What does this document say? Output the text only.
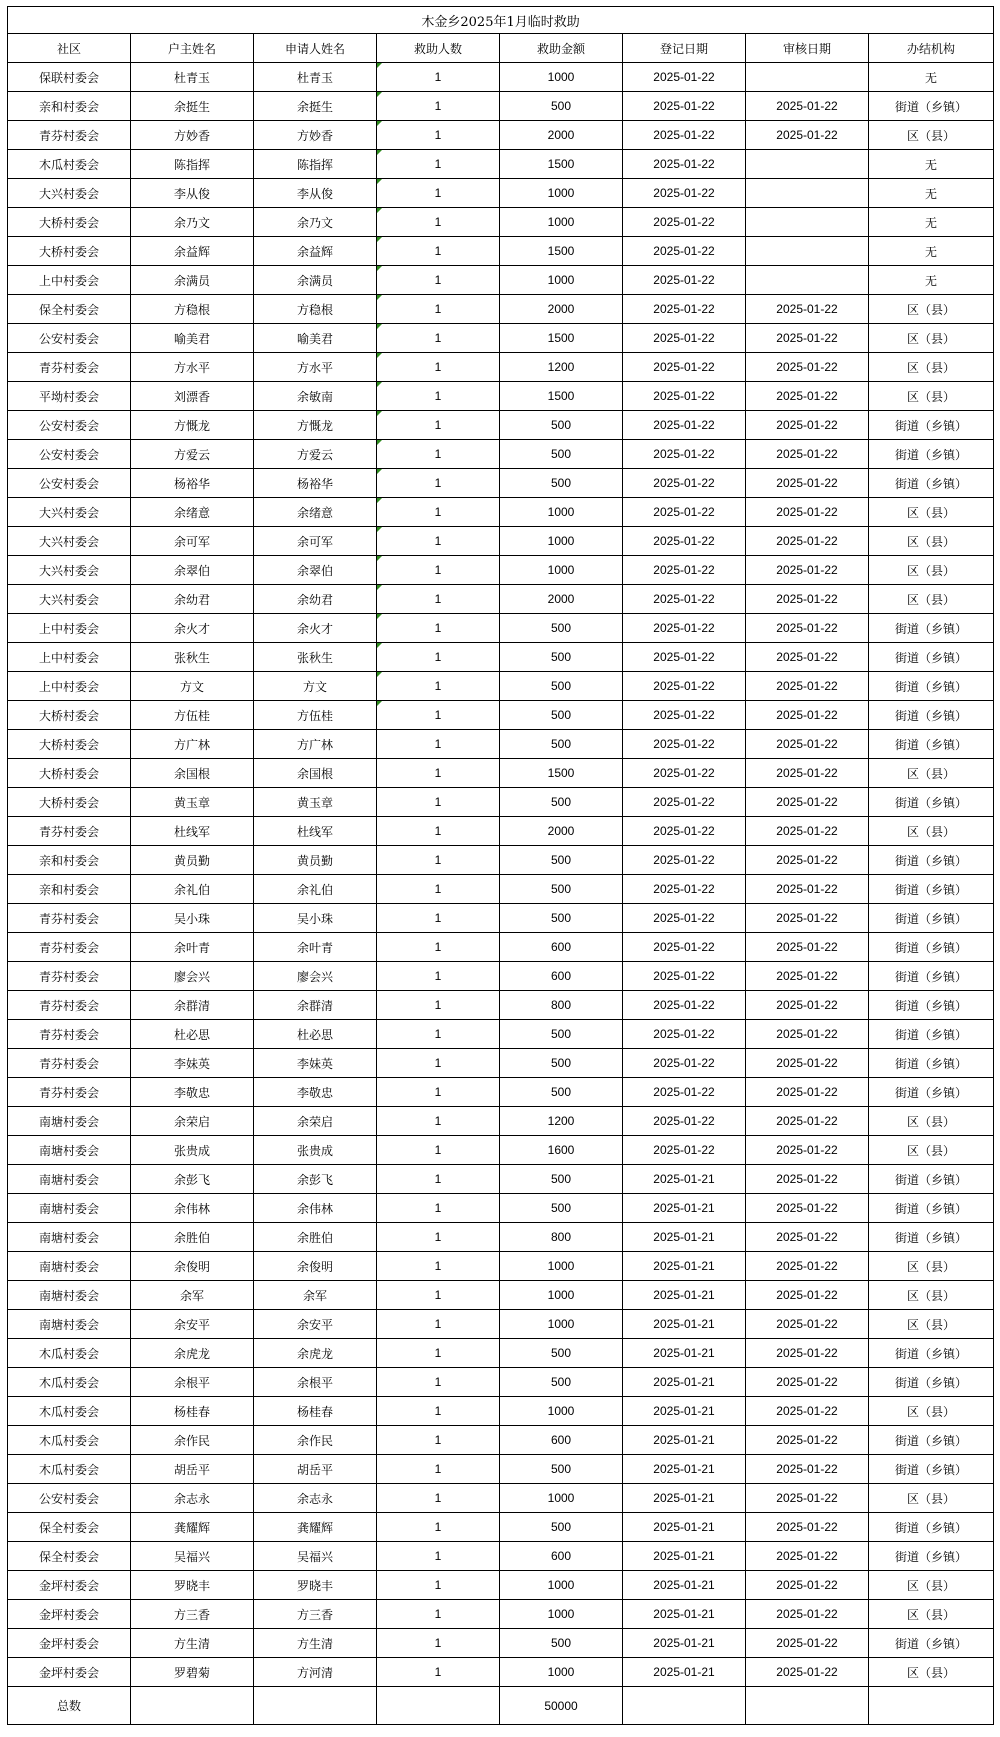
木金乡2025年1月临时救助							
社区	户主姓名	申请人姓名	救助人数	救助金额	登记日期	审核日期	办结机构
保联村委会	杜青玉	杜青玉	1	1000	2025-01-22		无
亲和村委会	余挺生	余挺生	1	500	2025-01-22	2025-01-22	街道（乡镇）
青芬村委会	方妙香	方妙香	1	2000	2025-01-22	2025-01-22	区（县）
木瓜村委会	陈指挥	陈指挥	1	1500	2025-01-22		无
大兴村委会	李从俊	李从俊	1	1000	2025-01-22		无
大桥村委会	余乃文	余乃文	1	1000	2025-01-22		无
大桥村委会	余益辉	余益辉	1	1500	2025-01-22		无
上中村委会	余满员	余满员	1	1000	2025-01-22		无
保全村委会	方稳根	方稳根	1	2000	2025-01-22	2025-01-22	区（县）
公安村委会	喻美君	喻美君	1	1500	2025-01-22	2025-01-22	区（县）
青芬村委会	方水平	方水平	1	1200	2025-01-22	2025-01-22	区（县）
平坳村委会	刘漂香	余敏南	1	1500	2025-01-22	2025-01-22	区（县）
公安村委会	方慨龙	方慨龙	1	500	2025-01-22	2025-01-22	街道（乡镇）
公安村委会	方爱云	方爱云	1	500	2025-01-22	2025-01-22	街道（乡镇）
公安村委会	杨裕华	杨裕华	1	500	2025-01-22	2025-01-22	街道（乡镇）
大兴村委会	余绪意	余绪意	1	1000	2025-01-22	2025-01-22	区（县）
大兴村委会	余可军	余可军	1	1000	2025-01-22	2025-01-22	区（县）
大兴村委会	余翠伯	余翠伯	1	1000	2025-01-22	2025-01-22	区（县）
大兴村委会	余幼君	余幼君	1	2000	2025-01-22	2025-01-22	区（县）
上中村委会	余火才	余火才	1	500	2025-01-22	2025-01-22	街道（乡镇）
上中村委会	张秋生	张秋生	1	500	2025-01-22	2025-01-22	街道（乡镇）
上中村委会	方文	方文	1	500	2025-01-22	2025-01-22	街道（乡镇）
大桥村委会	方伍桂	方伍桂	1	500	2025-01-22	2025-01-22	街道（乡镇）
大桥村委会	方广林	方广林	1	500	2025-01-22	2025-01-22	街道（乡镇）
大桥村委会	余国根	余国根	1	1500	2025-01-22	2025-01-22	区（县）
大桥村委会	黄玉章	黄玉章	1	500	2025-01-22	2025-01-22	街道（乡镇）
青芬村委会	杜线军	杜线军	1	2000	2025-01-22	2025-01-22	区（县）
亲和村委会	黄员勤	黄员勤	1	500	2025-01-22	2025-01-22	街道（乡镇）
亲和村委会	余礼伯	余礼伯	1	500	2025-01-22	2025-01-22	街道（乡镇）
青芬村委会	吴小珠	吴小珠	1	500	2025-01-22	2025-01-22	街道（乡镇）
青芬村委会	余叶青	余叶青	1	600	2025-01-22	2025-01-22	街道（乡镇）
青芬村委会	廖会兴	廖会兴	1	600	2025-01-22	2025-01-22	街道（乡镇）
青芬村委会	余群清	余群清	1	800	2025-01-22	2025-01-22	街道（乡镇）
青芬村委会	杜必思	杜必思	1	500	2025-01-22	2025-01-22	街道（乡镇）
青芬村委会	李妹英	李妹英	1	500	2025-01-22	2025-01-22	街道（乡镇）
青芬村委会	李敬忠	李敬忠	1	500	2025-01-22	2025-01-22	街道（乡镇）
南塘村委会	余荣启	余荣启	1	1200	2025-01-22	2025-01-22	区（县）
南塘村委会	张贵成	张贵成	1	1600	2025-01-22	2025-01-22	区（县）
南塘村委会	余彭飞	余彭飞	1	500	2025-01-21	2025-01-22	街道（乡镇）
南塘村委会	余伟林	余伟林	1	500	2025-01-21	2025-01-22	街道（乡镇）
南塘村委会	余胜伯	余胜伯	1	800	2025-01-21	2025-01-22	街道（乡镇）
南塘村委会	余俊明	余俊明	1	1000	2025-01-21	2025-01-22	区（县）
南塘村委会	余军	余军	1	1000	2025-01-21	2025-01-22	区（县）
南塘村委会	余安平	余安平	1	1000	2025-01-21	2025-01-22	区（县）
木瓜村委会	余虎龙	余虎龙	1	500	2025-01-21	2025-01-22	街道（乡镇）
木瓜村委会	余根平	余根平	1	500	2025-01-21	2025-01-22	街道（乡镇）
木瓜村委会	杨桂春	杨桂春	1	1000	2025-01-21	2025-01-22	区（县）
木瓜村委会	余作民	余作民	1	600	2025-01-21	2025-01-22	街道（乡镇）
木瓜村委会	胡岳平	胡岳平	1	500	2025-01-21	2025-01-22	街道（乡镇）
公安村委会	余志永	余志永	1	1000	2025-01-21	2025-01-22	区（县）
保全村委会	龚耀辉	龚耀辉	1	500	2025-01-21	2025-01-22	街道（乡镇）
保全村委会	吴福兴	吴福兴	1	600	2025-01-21	2025-01-22	街道（乡镇）
金坪村委会	罗晓丰	罗晓丰	1	1000	2025-01-21	2025-01-22	区（县）
金坪村委会	方三香	方三香	1	1000	2025-01-21	2025-01-22	区（县）
金坪村委会	方生清	方生清	1	500	2025-01-21	2025-01-22	街道（乡镇）
金坪村委会	罗碧菊	方河清	1	1000	2025-01-21	2025-01-22	区（县）
总数				50000			
